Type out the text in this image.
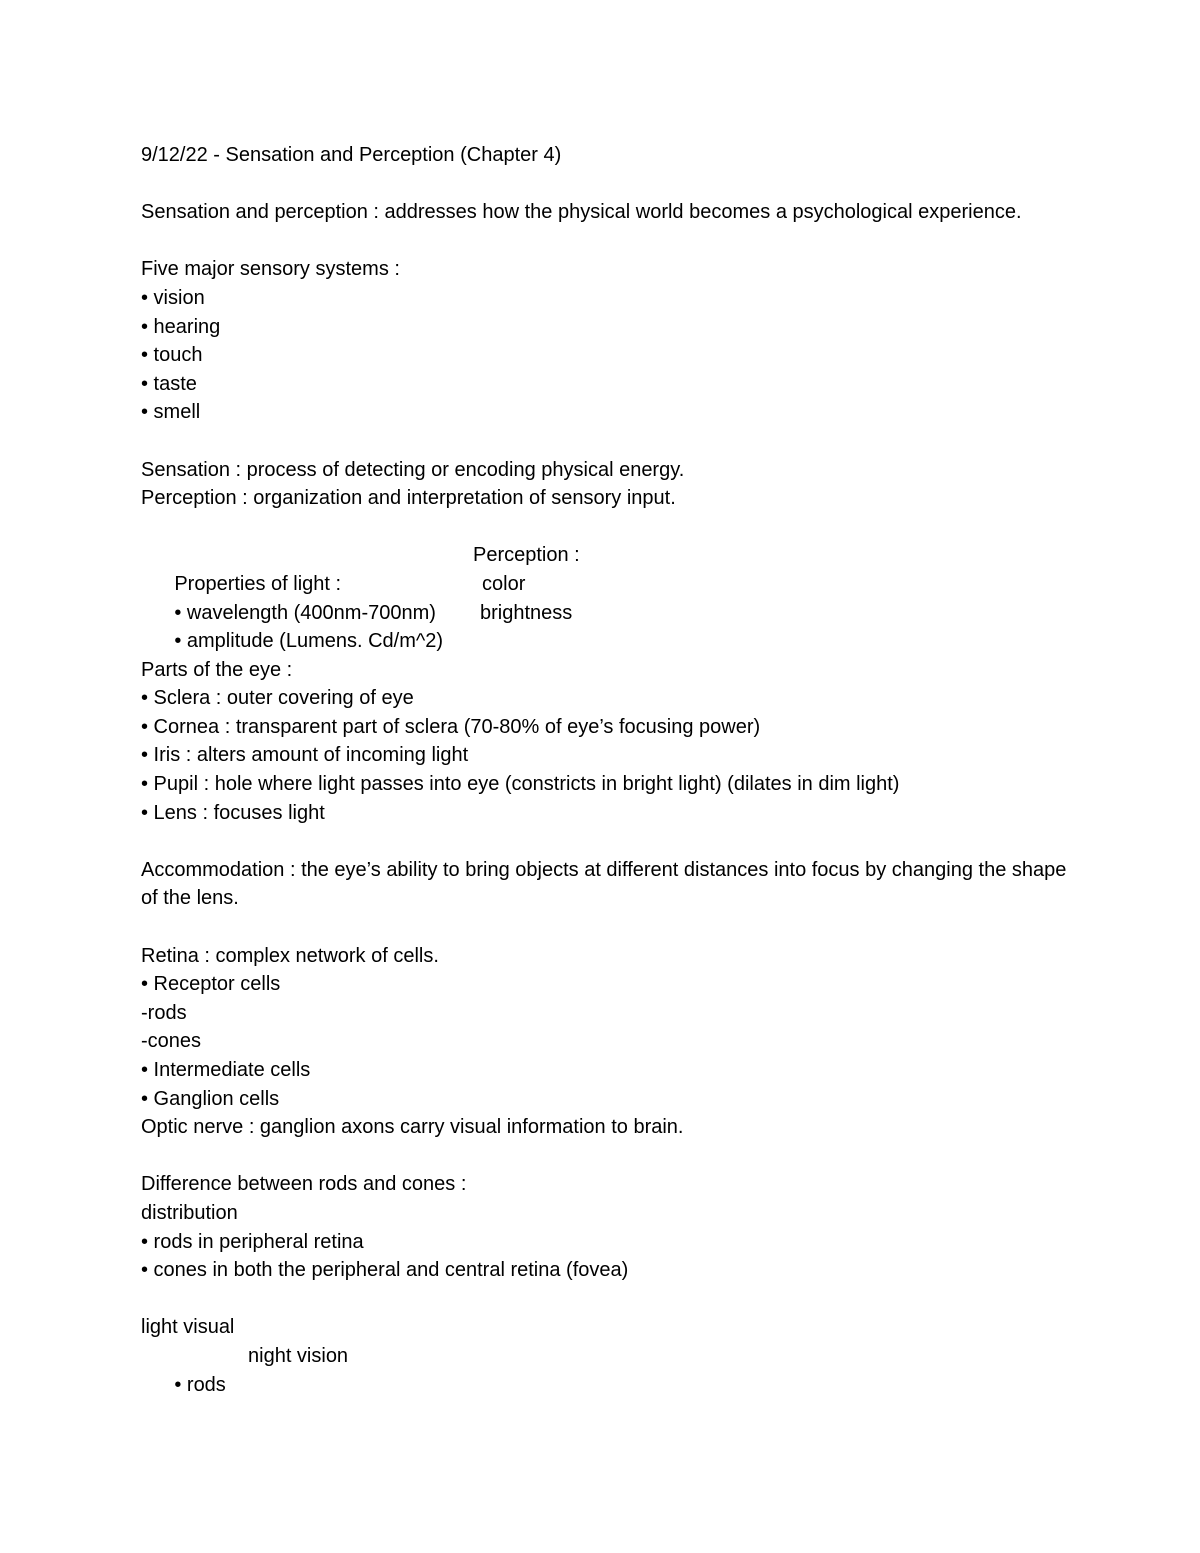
9/12/22 - Sensation and Perception (Chapter 4)
Sensation and perception : addresses how the physical world becomes a psychological experience.
Five major sensory systems :
• vision
• hearing
• touch
• taste
• smell
Sensation : process of detecting or encoding physical energy.
Perception : organization and interpretation of sensory input.

Properties of light :

Perception :

• wavelength (400nm-700nm)

color

• amplitude (Lumens. Cd/m^2)

brightness

Parts of the eye :
• Sclera : outer covering of eye
• Cornea : transparent part of sclera (70-80% of eye’s focusing power)
• Iris : alters amount of incoming light
• Pupil : hole where light passes into eye (constricts in bright light) (dilates in dim light)
• Lens : focuses light
Accommodation : the eye’s ability to bring objects at different distances into focus by changing the shape of the lens.
Retina : complex network of cells.
• Receptor cells
-rods
-cones
• Intermediate cells
• Ganglion cells
Optic nerve : ganglion axons carry visual information to brain.
Difference between rods and cones :
distribution
• rods in peripheral retina
• cones in both the peripheral and central retina (fovea)
light visual

• rods

night vision
